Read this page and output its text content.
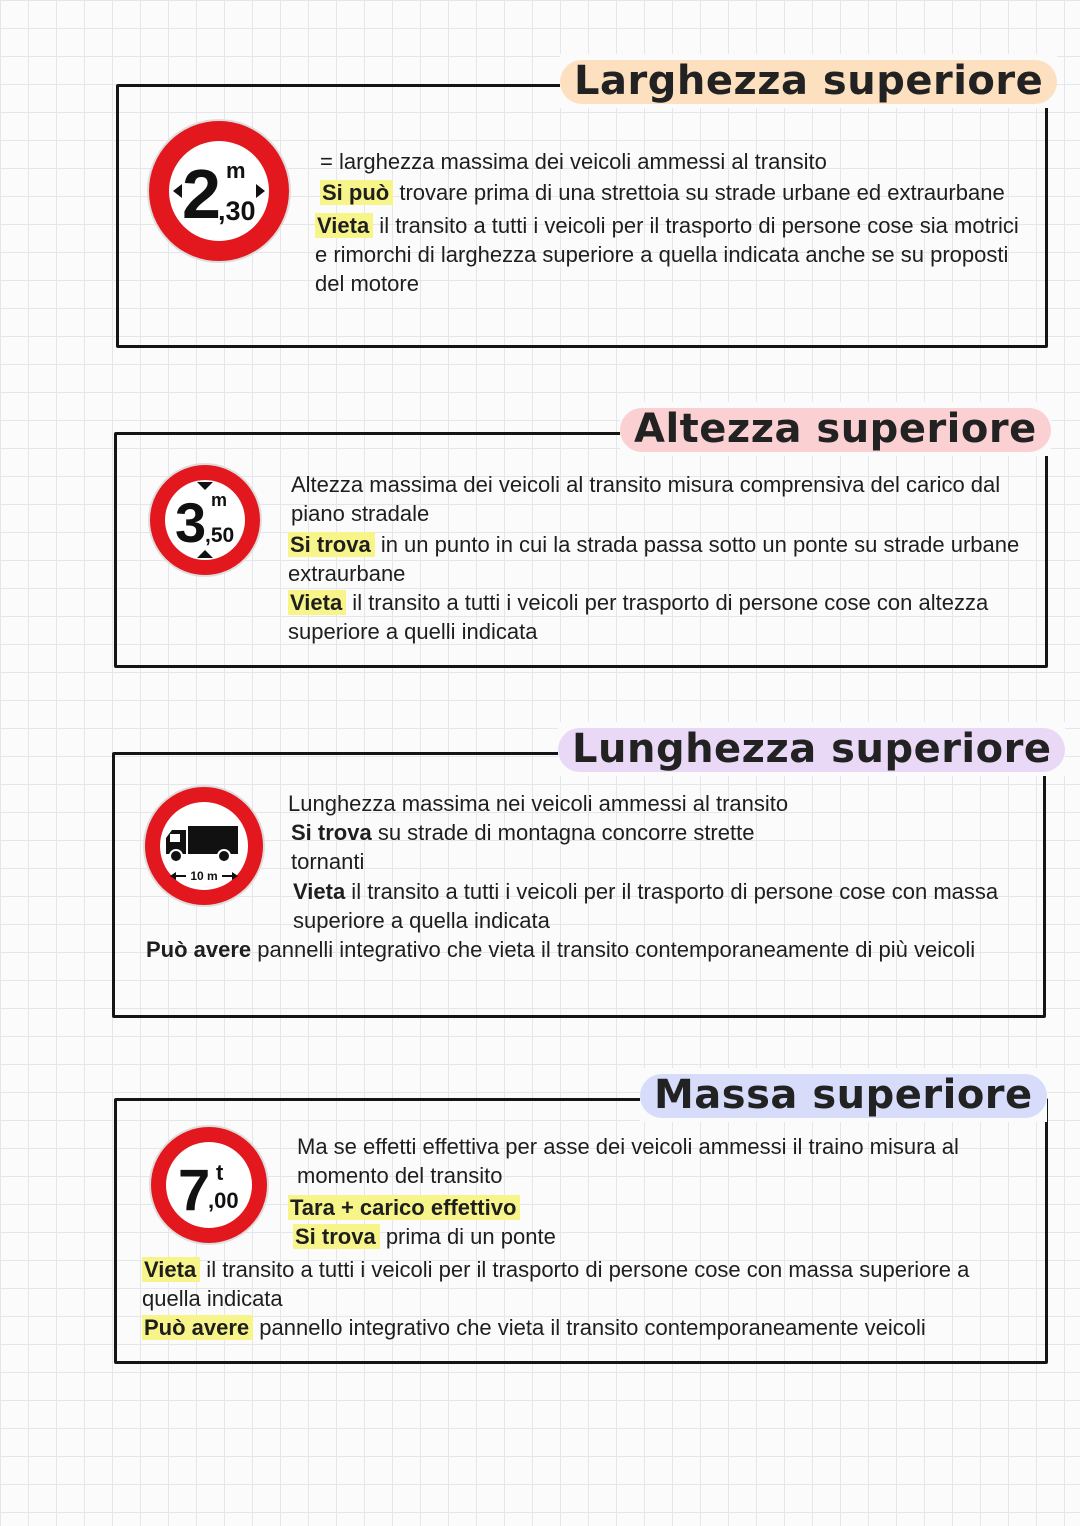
Larghezza superiore
2 m
,30

= larghezza massima dei veicoli ammessi al transito

Si può trovare prima di una strettoia su strade urbane ed extraurbane

Vieta il transito a tutti i veicoli per il trasporto di persone cose sia motrici e rimorchi di larghezza superiore a quella indicata anche se su proposti del motore

Altezza superiore
3 m
,50

Altezza massima dei veicoli al transito misura comprensiva del carico dal piano stradale

Si trova in un punto in cui la strada passa sotto un ponte su strade urbane extraurbane

Vieta il transito a tutti i veicoli per trasporto di persone cose con altezza superiore a quelli indicata

Lunghezza superiore
10 m

Lunghezza massima nei veicoli ammessi al transito

Si trova su strade di montagna concorre strette

tornanti

Vieta il transito a tutti i veicoli per il trasporto di persone cose con massa superiore a quella indicata

Può avere pannelli integrativo che vieta il transito contemporaneamente di più veicoli

Massa superiore
7 t
,00

Ma se effetti effettiva per asse dei veicoli ammessi il traino misura al momento del transito

Tara + carico effettivo

Si trova prima di un ponte

Vieta il transito a tutti i veicoli per il trasporto di persone cose con massa superiore a quella indicata

Può avere pannello integrativo che vieta il transito contemporaneamente veicoli
